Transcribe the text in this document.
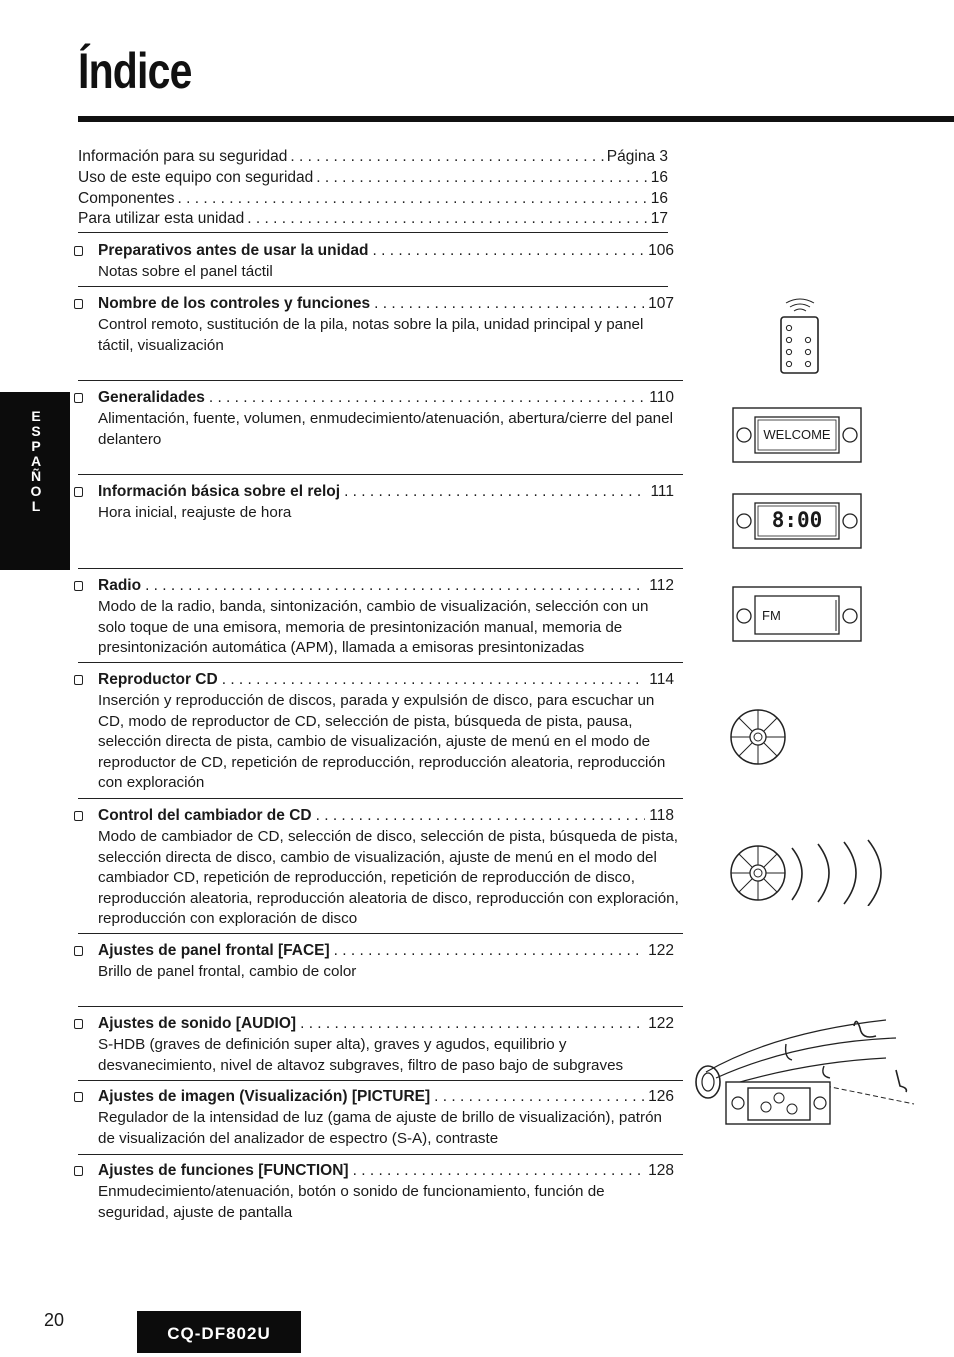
Índice
Información para su seguridad	Página 3
. . .
Uso de este equipo con seguridad	16
. . .
Componentes	16
. . .
Para utilizar esta unidad	17
. . .
Preparativos antes de usar la unidad	106
. . .
Notas sobre el panel táctil
Nombre de los controles y funciones	107
. . .
Control remoto, sustitución de la pila, notas sobre la pila, unidad principal y panel táctil, visualización
Generalidades	110
. . .
Alimentación, fuente, volumen, enmudecimiento/atenuación, abertura/cierre del panel delantero
Información básica sobre el reloj	111
. . .
Hora inicial, reajuste de hora
Radio	112
. . .
Modo de la radio, banda, sintonización, cambio de visualización, selección con un solo toque de una emisora, memoria de presintonización manual, memoria de presintonización automática (APM), llamada a emisoras presintonizadas
Reproductor CD	114
. . .
Inserción y reproducción de discos, parada y expulsión de disco, para escuchar un CD, modo de reproductor de CD, selección de pista, búsqueda de pista, pausa, selección directa de pista, cambio de visualización, ajuste de menú en el modo de reproductor de CD, repetición de reproducción, reproducción aleatoria, reproducción con exploración
Control del cambiador de CD	118
. . .
Modo de cambiador de CD, selección de disco, selección de pista, búsqueda de pista, selección directa de disco, cambio de visualización, ajuste de menú en el modo del cambiador CD, repetición de reproducción, repetición de reproducción de disco, reproducción aleatoria, reproducción aleatoria de disco, reproducción con exploración, reproducción con exploración de disco
Ajustes de panel frontal [FACE]	122
. . .
Brillo de panel frontal, cambio de color
Ajustes de sonido [AUDIO]	122
. . .
S-HDB (graves de definición super alta), graves y agudos, equilibrio y desvanecimiento, nivel de altavoz subgraves, filtro de paso bajo de subgraves
Ajustes de imagen (Visualización) [PICTURE]	126
. . .
Regulador de la intensidad de luz (gama de ajuste de brillo de visualización), patrón de visualización del analizador de espectro (S-A), contraste
Ajustes de funciones [FUNCTION]	128
. . .
Enmudecimiento/atenuación, botón o sonido de funcionamiento, función de seguridad, ajuste de pantalla
E
S
P
A
Ñ
O
L
WELCOME
8:00
FM
20
CQ-DF802U
